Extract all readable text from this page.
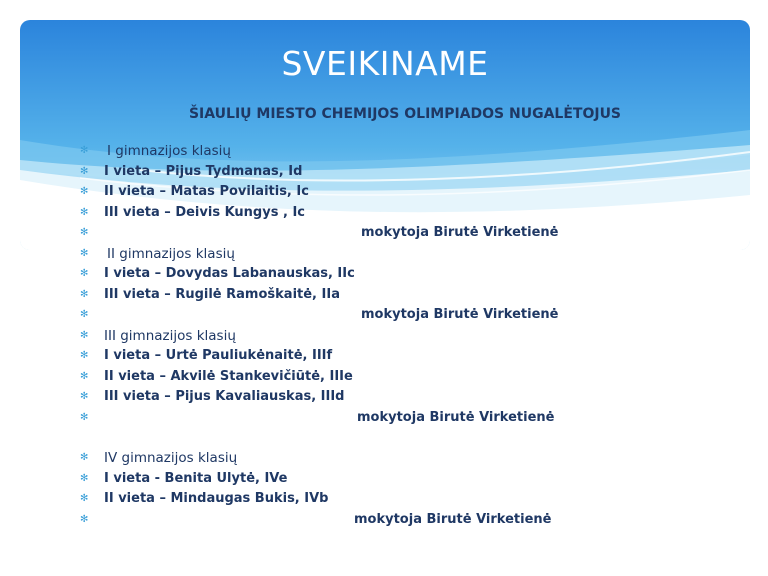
SVEIKINAME
ŠIAULIŲ MIESTO CHEMIJOS OLIMPIADOS NUGALĖTOJUS
✻	I gimnazijos klasių
✻	I vieta – Pijus Tydmanas, Id
✻	II vieta – Matas Povilaitis, Ic
✻	III vieta – Deivis Kungys , Ic
✻	mokytoja Birutė Virketienė
✻	II gimnazijos klasių
✻	I vieta – Dovydas Labanauskas, IIc
✻	III vieta – Rugilė Ramoškaitė, IIa
✻	mokytoja Birutė Virketienė
✻	III gimnazijos klasių
✻	I vieta – Urtė Pauliukėnaitė, IIIf
✻	II vieta – Akvilė Stankevičiūtė, IIIe
✻	III vieta – Pijus Kavaliauskas, IIId
✻	mokytoja Birutė Virketienė
✻	IV gimnazijos klasių
✻	I vieta - Benita Ulytė, IVe
✻	II vieta – Mindaugas Bukis, IVb
✻	mokytoja Birutė Virketienė
